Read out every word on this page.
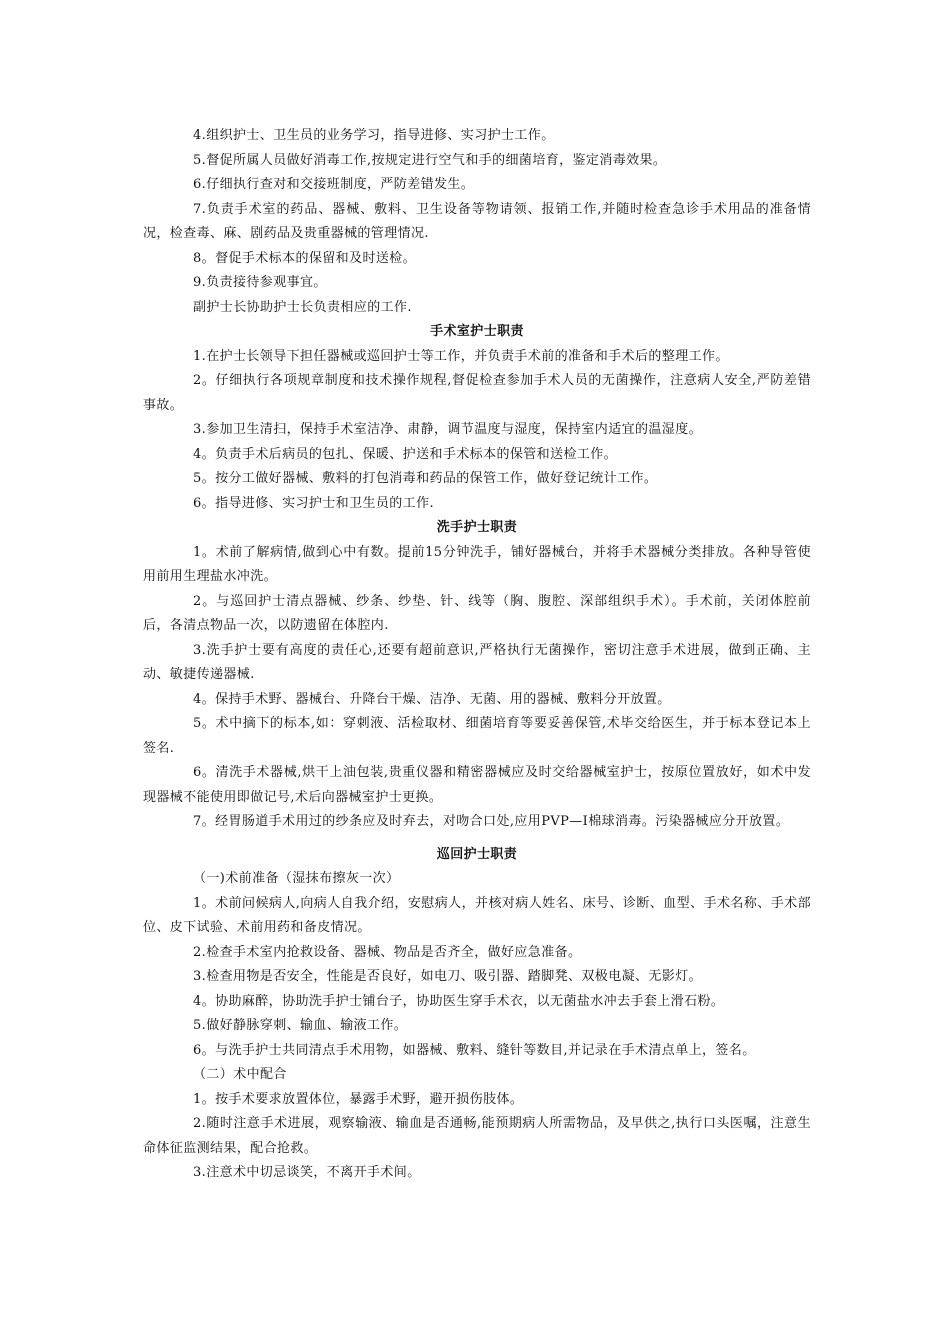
4.组织护士、卫生员的业务学习，指导进修、实习护士工作。

5.督促所属人员做好消毒工作,按规定进行空气和手的细菌培育，鉴定消毒效果。

6.仔细执行查对和交接班制度，严防差错发生。

7.负责手术室的药品、器械、敷料、卫生设备等物请领、报销工作,并随时检查急诊手术用品的准备情况，检查毒、麻、剧药品及贵重器械的管理情况.

8。督促手术标本的保留和及时送检。

9.负责接待参观事宜。

副护士长协助护士长负责相应的工作.

手术室护士职责

1.在护士长领导下担任器械或巡回护士等工作，并负责手术前的准备和手术后的整理工作。

2。仔细执行各项规章制度和技术操作规程,督促检查参加手术人员的无菌操作，注意病人安全,严防差错事故。

3.参加卫生清扫，保持手术室洁净、肃静，调节温度与湿度，保持室内适宜的温湿度。

4。负责手术后病员的包扎、保暖、护送和手术标本的保管和送检工作。

5。按分工做好器械、敷料的打包消毒和药品的保管工作，做好登记统计工作。

6。指导进修、实习护士和卫生员的工作.

洗手护士职责

1。术前了解病情,做到心中有数。提前15分钟洗手，铺好器械台，并将手术器械分类排放。各种导管使用前用生理盐水冲洗。

2。与巡回护士清点器械、纱条、纱垫、针、线等（胸、腹腔、深部组织手术）。手术前，关闭体腔前后，各清点物品一次，以防遗留在体腔内.

3.洗手护士要有高度的责任心,还要有超前意识,严格执行无菌操作，密切注意手术进展，做到正确、主动、敏捷传递器械.

4。保持手术野、器械台、升降台干燥、洁净、无菌、用的器械、敷料分开放置。

5。术中摘下的标本,如：穿刺液、活检取材、细菌培育等要妥善保管,术毕交给医生，并于标本登记本上签名.

6。清洗手术器械,烘干上油包装,贵重仪器和精密器械应及时交给器械室护士，按原位置放好，如术中发现器械不能使用即做记号,术后向器械室护士更换。

7。经胃肠道手术用过的纱条应及时弃去，对吻合口处,应用PVP—I棉球消毒。污染器械应分开放置。

巡回护士职责

（一)术前准备（湿抹布擦灰一次）

1。术前问候病人,向病人自我介绍，安慰病人，并核对病人姓名、床号、诊断、血型、手术名称、手术部位、皮下试验、术前用药和备皮情况。

2.检查手术室内抢救设备、器械、物品是否齐全，做好应急准备。

3.检查用物是否安全，性能是否良好，如电刀、吸引器、踏脚凳、双极电凝、无影灯。

4。协助麻醉，协助洗手护士铺台子，协助医生穿手术衣，以无菌盐水冲去手套上滑石粉。

5.做好静脉穿刺、输血、输液工作。

6。与洗手护士共同清点手术用物，如器械、敷料、缝针等数目,并记录在手术清点单上，签名。

（二）术中配合

1。按手术要求放置体位，暴露手术野，避开损伤肢体。

2.随时注意手术进展，观察输液、输血是否通畅,能预期病人所需物品，及早供之,执行口头医嘱，注意生命体征监测结果，配合抢救。

3.注意术中切忌谈笑，不离开手术间。
